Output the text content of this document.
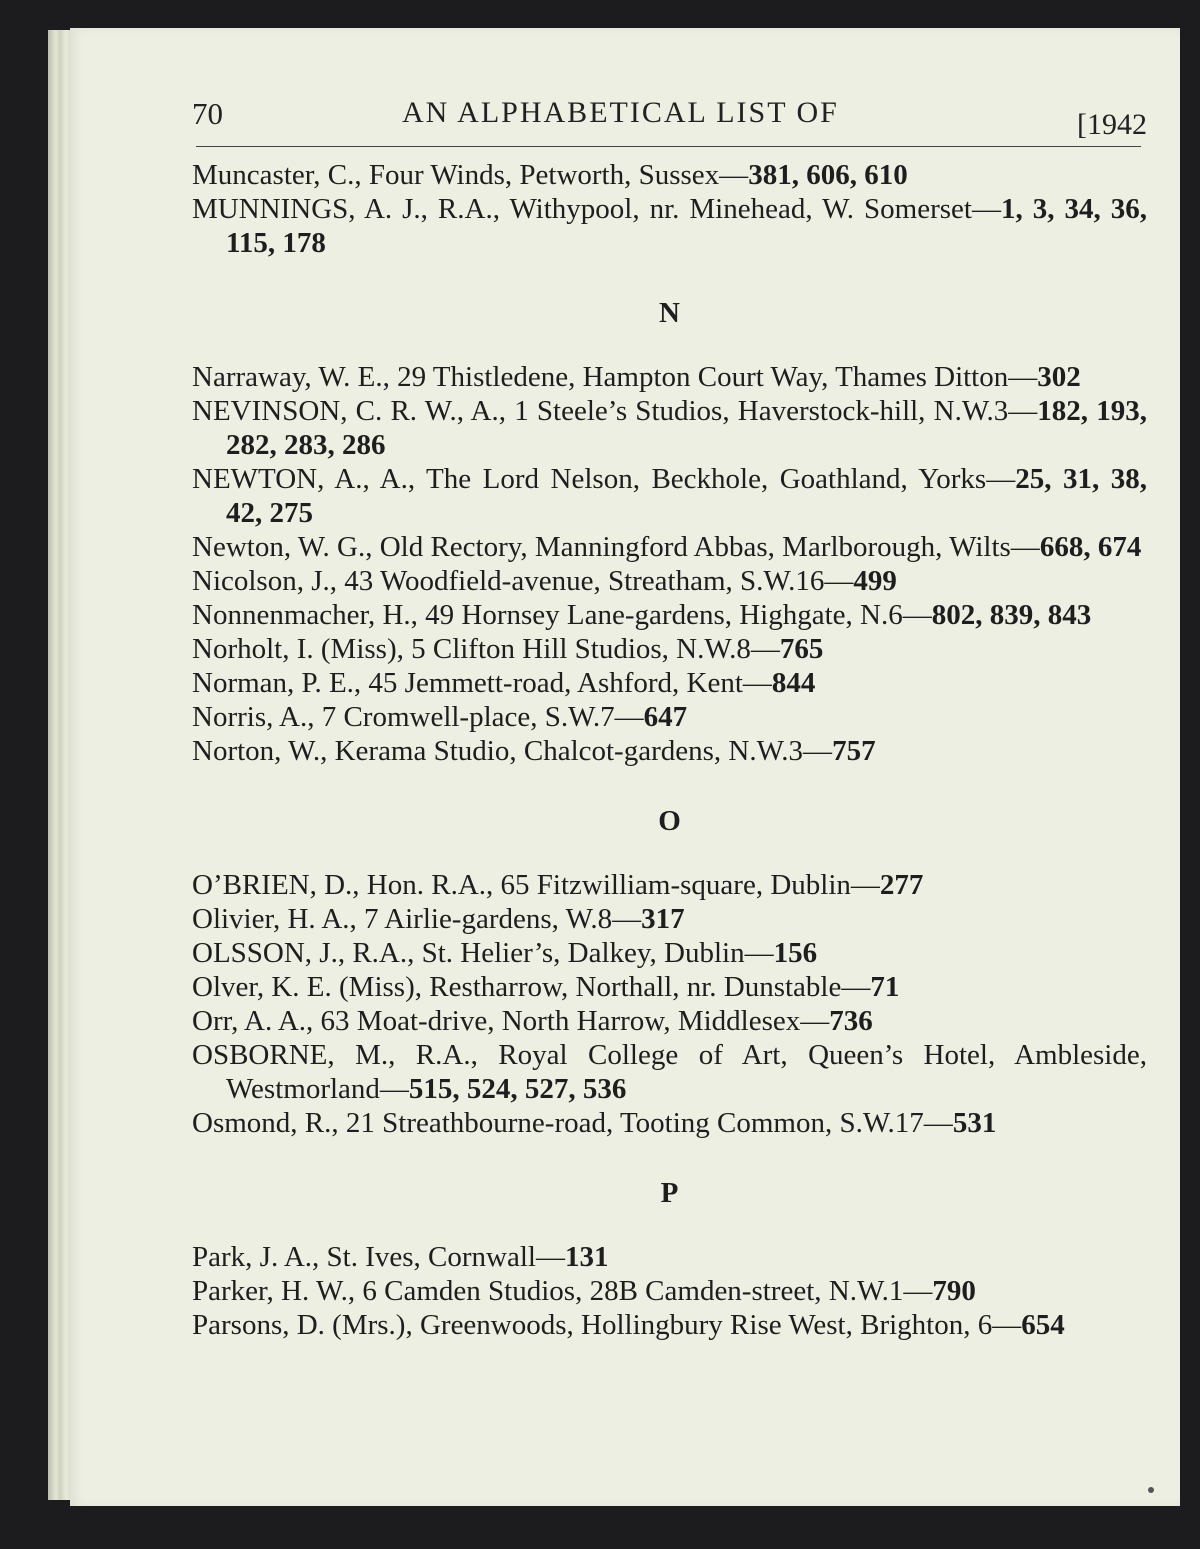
70	AN ALPHABETICAL LIST OF	[1942

Muncaster, C., Four Winds, Petworth, Sussex—381, 606, 610

MUNNINGS, A. J., R.A., Withypool, nr. Minehead, W. Somerset—1, 3, 34, 36, 115, 178

N

Narraway, W. E., 29 Thistledene, Hampton Court Way, Thames Ditton—302

NEVINSON, C. R. W., A., 1 Steele’s Studios, Haverstock-hill, N.W.3—182, 193, 282, 283, 286

NEWTON, A., A., The Lord Nelson, Beckhole, Goathland, Yorks—25, 31, 38, 42, 275

Newton, W. G., Old Rectory, Manningford Abbas, Marlborough, Wilts—668, 674

Nicolson, J., 43 Woodfield-avenue, Streatham, S.W.16—499

Nonnenmacher, H., 49 Hornsey Lane-gardens, Highgate, N.6—802, 839, 843

Norholt, I. (Miss), 5 Clifton Hill Studios, N.W.8—765

Norman, P. E., 45 Jemmett-road, Ashford, Kent—844

Norris, A., 7 Cromwell-place, S.W.7—647

Norton, W., Kerama Studio, Chalcot-gardens, N.W.3—757

O

O’BRIEN, D., Hon. R.A., 65 Fitzwilliam-square, Dublin—277

Olivier, H. A., 7 Airlie-gardens, W.8—317

OLSSON, J., R.A., St. Helier’s, Dalkey, Dublin—156

Olver, K. E. (Miss), Restharrow, Northall, nr. Dunstable—71

Orr, A. A., 63 Moat-drive, North Harrow, Middlesex—736

OSBORNE, M., R.A., Royal College of Art, Queen’s Hotel, Ambleside, Westmorland—515, 524, 527, 536

Osmond, R., 21 Streathbourne-road, Tooting Common, S.W.17—531

P

Park, J. A., St. Ives, Cornwall—131

Parker, H. W., 6 Camden Studios, 28B Camden-street, N.W.1—790

Parsons, D. (Mrs.), Greenwoods, Hollingbury Rise West, Brighton, 6—654
